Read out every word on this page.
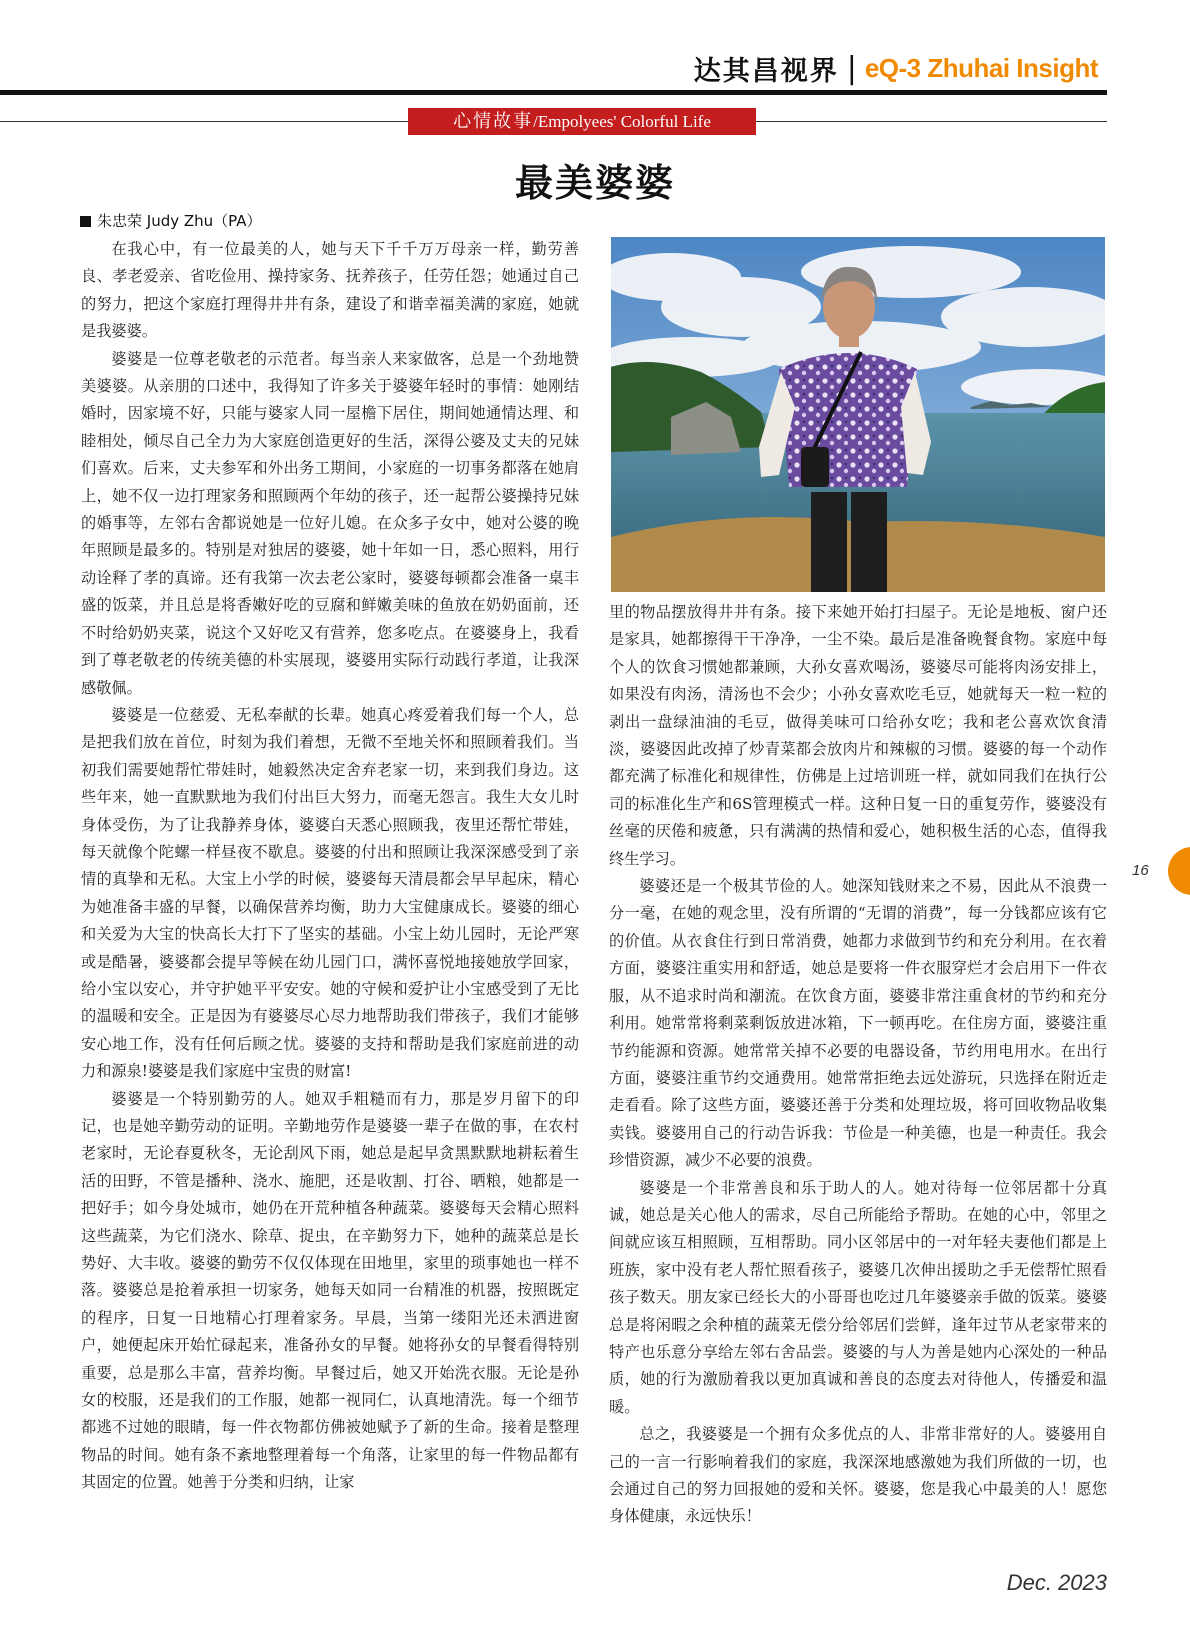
达其昌视界 | eQ-3 Zhuhai Insight
心情故事/Empolyees' Colorful Life
最美婆婆
朱忠荣 Judy Zhu（PA）

在我心中，有一位最美的人，她与天下千千万万母亲一样，勤劳善良、孝老爱亲、省吃俭用、操持家务、抚养孩子，任劳任怨；她通过自己的努力，把这个家庭打理得井井有条，建设了和谐幸福美满的家庭，她就是我婆婆。

婆婆是一位尊老敬老的示范者。每当亲人来家做客，总是一个劲地赞美婆婆。从亲朋的口述中，我得知了许多关于婆婆年轻时的事情：她刚结婚时，因家境不好，只能与婆家人同一屋檐下居住，期间她通情达理、和睦相处，倾尽自己全力为大家庭创造更好的生活，深得公婆及丈夫的兄妹们喜欢。后来，丈夫参军和外出务工期间，小家庭的一切事务都落在她肩上，她不仅一边打理家务和照顾两个年幼的孩子，还一起帮公婆操持兄妹的婚事等，左邻右舍都说她是一位好儿媳。在众多子女中，她对公婆的晚年照顾是最多的。特别是对独居的婆婆，她十年如一日，悉心照料，用行动诠释了孝的真谛。还有我第一次去老公家时，婆婆每顿都会准备一桌丰盛的饭菜，并且总是将香嫩好吃的豆腐和鲜嫩美味的鱼放在奶奶面前，还不时给奶奶夹菜，说这个又好吃又有营养，您多吃点。在婆婆身上，我看到了尊老敬老的传统美德的朴实展现，婆婆用实际行动践行孝道，让我深感敬佩。

婆婆是一位慈爱、无私奉献的长辈。她真心疼爱着我们每一个人，总是把我们放在首位，时刻为我们着想，无微不至地关怀和照顾着我们。当初我们需要她帮忙带娃时，她毅然决定舍弃老家一切，来到我们身边。这些年来，她一直默默地为我们付出巨大努力，而毫无怨言。我生大女儿时身体受伤，为了让我静养身体，婆婆白天悉心照顾我，夜里还帮忙带娃，每天就像个陀螺一样昼夜不歇息。婆婆的付出和照顾让我深深感受到了亲情的真挚和无私。大宝上小学的时候，婆婆每天清晨都会早早起床，精心为她准备丰盛的早餐，以确保营养均衡，助力大宝健康成长。婆婆的细心和关爱为大宝的快高长大打下了坚实的基础。小宝上幼儿园时，无论严寒或是酷暑，婆婆都会提早等候在幼儿园门口，满怀喜悦地接她放学回家，给小宝以安心，并守护她平平安安。她的守候和爱护让小宝感受到了无比的温暖和安全。正是因为有婆婆尽心尽力地帮助我们带孩子，我们才能够安心地工作，没有任何后顾之忧。婆婆的支持和帮助是我们家庭前进的动力和源泉!婆婆是我们家庭中宝贵的财富!

婆婆是一个特别勤劳的人。她双手粗糙而有力，那是岁月留下的印记，也是她辛勤劳动的证明。辛勤地劳作是婆婆一辈子在做的事，在农村老家时，无论春夏秋冬，无论刮风下雨，她总是起早贪黑默默地耕耘着生活的田野，不管是播种、浇水、施肥，还是收割、打谷、晒粮，她都是一把好手；如今身处城市，她仍在开荒种植各种蔬菜。婆婆每天会精心照料这些蔬菜，为它们浇水、除草、捉虫，在辛勤努力下，她种的蔬菜总是长势好、大丰收。婆婆的勤劳不仅仅体现在田地里，家里的琐事她也一样不落。婆婆总是抢着承担一切家务，她每天如同一台精准的机器，按照既定的程序，日复一日地精心打理着家务。早晨，当第一缕阳光还未洒进窗户，她便起床开始忙碌起来，准备孙女的早餐。她将孙女的早餐看得特别重要，总是那么丰富，营养均衡。早餐过后，她又开始洗衣服。无论是孙女的校服，还是我们的工作服，她都一视同仁，认真地清洗。每一个细节都逃不过她的眼睛，每一件衣物都仿佛被她赋予了新的生命。接着是整理物品的时间。她有条不紊地整理着每一个角落，让家里的每一件物品都有其固定的位置。她善于分类和归纳，让家

里的物品摆放得井井有条。接下来她开始打扫屋子。无论是地板、窗户还是家具，她都擦得干干净净，一尘不染。最后是准备晚餐食物。家庭中每个人的饮食习惯她都兼顾，大孙女喜欢喝汤，婆婆尽可能将肉汤安排上，如果没有肉汤，清汤也不会少；小孙女喜欢吃毛豆，她就每天一粒一粒的剥出一盘绿油油的毛豆，做得美味可口给孙女吃；我和老公喜欢饮食清淡，婆婆因此改掉了炒青菜都会放肉片和辣椒的习惯。婆婆的每一个动作都充满了标准化和规律性，仿佛是上过培训班一样，就如同我们在执行公司的标准化生产和6S管理模式一样。这种日复一日的重复劳作，婆婆没有丝毫的厌倦和疲惫，只有满满的热情和爱心，她积极生活的心态，值得我终生学习。

婆婆还是一个极其节俭的人。她深知钱财来之不易，因此从不浪费一分一毫，在她的观念里，没有所谓的“无谓的消费”，每一分钱都应该有它的价值。从衣食住行到日常消费，她都力求做到节约和充分利用。在衣着方面，婆婆注重实用和舒适，她总是要将一件衣服穿烂才会启用下一件衣服，从不追求时尚和潮流。在饮食方面，婆婆非常注重食材的节约和充分利用。她常常将剩菜剩饭放进冰箱，下一顿再吃。在住房方面，婆婆注重节约能源和资源。她常常关掉不必要的电器设备，节约用电用水。在出行方面，婆婆注重节约交通费用。她常常拒绝去远处游玩，只选择在附近走走看看。除了这些方面，婆婆还善于分类和处理垃圾，将可回收物品收集卖钱。婆婆用自己的行动告诉我：节俭是一种美德，也是一种责任。我会珍惜资源，减少不必要的浪费。

婆婆是一个非常善良和乐于助人的人。她对待每一位邻居都十分真诚，她总是关心他人的需求，尽自己所能给予帮助。在她的心中，邻里之间就应该互相照顾，互相帮助。同小区邻居中的一对年轻夫妻他们都是上班族，家中没有老人帮忙照看孩子，婆婆几次伸出援助之手无偿帮忙照看孩子数天。朋友家已经长大的小哥哥也吃过几年婆婆亲手做的饭菜。婆婆总是将闲暇之余种植的蔬菜无偿分给邻居们尝鲜，逢年过节从老家带来的特产也乐意分享给左邻右舍品尝。婆婆的与人为善是她内心深处的一种品质，她的行为激励着我以更加真诚和善良的态度去对待他人，传播爱和温暖。

总之，我婆婆是一个拥有众多优点的人、非常非常好的人。婆婆用自己的一言一行影响着我们的家庭，我深深地感激她为我们所做的一切，也会通过自己的努力回报她的爱和关怀。婆婆，您是我心中最美的人！愿您身体健康，永远快乐！

16
Dec. 2023
